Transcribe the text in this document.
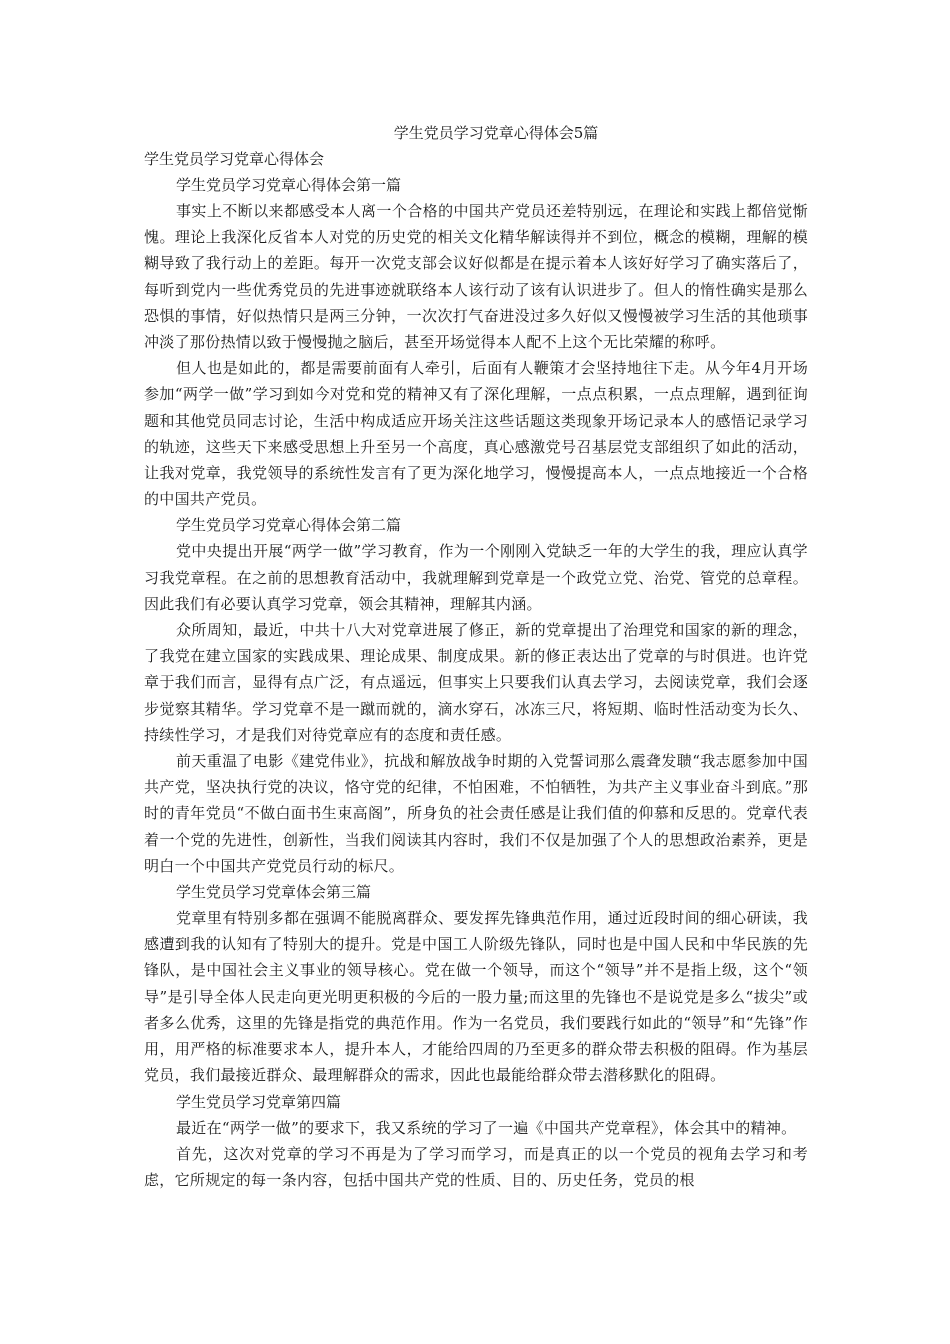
学生党员学习党章心得体会5篇
学生党员学习党章心得体会
学生党员学习党章心得体会第一篇

事实上不断以来都感受本人离一个合格的中国共产党员还差特别远，在理论和实践上都倍觉惭愧。理论上我深化反省本人对党的历史党的相关文化精华解读得并不到位，概念的模糊，理解的模糊导致了我行动上的差距。每开一次党支部会议好似都是在提示着本人该好好学习了确实落后了，每听到党内一些优秀党员的先进事迹就联络本人该行动了该有认识进步了。但人的惰性确实是那么恐惧的事情，好似热情只是两三分钟，一次次打气奋进没过多久好似又慢慢被学习生活的其他琐事冲淡了那份热情以致于慢慢抛之脑后，甚至开场觉得本人配不上这个无比荣耀的称呼。

但人也是如此的，都是需要前面有人牵引，后面有人鞭策才会坚持地往下走。从今年4月开场参加“两学一做”学习到如今对党和党的精神又有了深化理解，一点点积累，一点点理解，遇到征询题和其他党员同志讨论，生活中构成适应开场关注这些话题这类现象开场记录本人的感悟记录学习的轨迹，这些天下来感受思想上升至另一个高度，真心感激党号召基层党支部组织了如此的活动，让我对党章，我党领导的系统性发言有了更为深化地学习，慢慢提高本人，一点点地接近一个合格的中国共产党员。

学生党员学习党章心得体会第二篇

党中央提出开展“两学一做”学习教育，作为一个刚刚入党缺乏一年的大学生的我，理应认真学习我党章程。在之前的思想教育活动中，我就理解到党章是一个政党立党、治党、管党的总章程。因此我们有必要认真学习党章，领会其精神，理解其内涵。

众所周知，最近，中共十八大对党章进展了修正，新的党章提出了治理党和国家的新的理念，了我党在建立国家的实践成果、理论成果、制度成果。新的修正表达出了党章的与时俱进。也许党章于我们而言，显得有点广泛，有点遥远，但事实上只要我们认真去学习，去阅读党章，我们会逐步觉察其精华。学习党章不是一蹴而就的，滴水穿石，冰冻三尺，将短期、临时性活动变为长久、持续性学习，才是我们对待党章应有的态度和责任感。

前天重温了电影《建党伟业》，抗战和解放战争时期的入党誓词那么震聋发聩“我志愿参加中国共产党，坚决执行党的决议，恪守党的纪律，不怕困难，不怕牺牲，为共产主义事业奋斗到底。”那时的青年党员“不做白面书生束高阁”，所身负的社会责任感是让我们值的仰慕和反思的。党章代表着一个党的先进性，创新性，当我们阅读其内容时，我们不仅是加强了个人的思想政治素养，更是明白一个中国共产党党员行动的标尺。

学生党员学习党章体会第三篇

党章里有特别多都在强调不能脱离群众、要发挥先锋典范作用，通过近段时间的细心研读，我感遭到我的认知有了特别大的提升。党是中国工人阶级先锋队，同时也是中国人民和中华民族的先锋队，是中国社会主义事业的领导核心。党在做一个领导，而这个“领导”并不是指上级，这个“领导”是引导全体人民走向更光明更积极的今后的一股力量;而这里的先锋也不是说党是多么“拔尖”或者多么优秀，这里的先锋是指党的典范作用。作为一名党员，我们要践行如此的“领导”和“先锋”作用，用严格的标准要求本人，提升本人，才能给四周的乃至更多的群众带去积极的阻碍。作为基层党员，我们最接近群众、最理解群众的需求，因此也最能给群众带去潜移默化的阻碍。

学生党员学习党章第四篇

最近在“两学一做”的要求下，我又系统的学习了一遍《中国共产党章程》，体会其中的精神。

首先，这次对党章的学习不再是为了学习而学习，而是真正的以一个党员的视角去学习和考虑，它所规定的每一条内容，包括中国共产党的性质、目的、历史任务，党员的根
